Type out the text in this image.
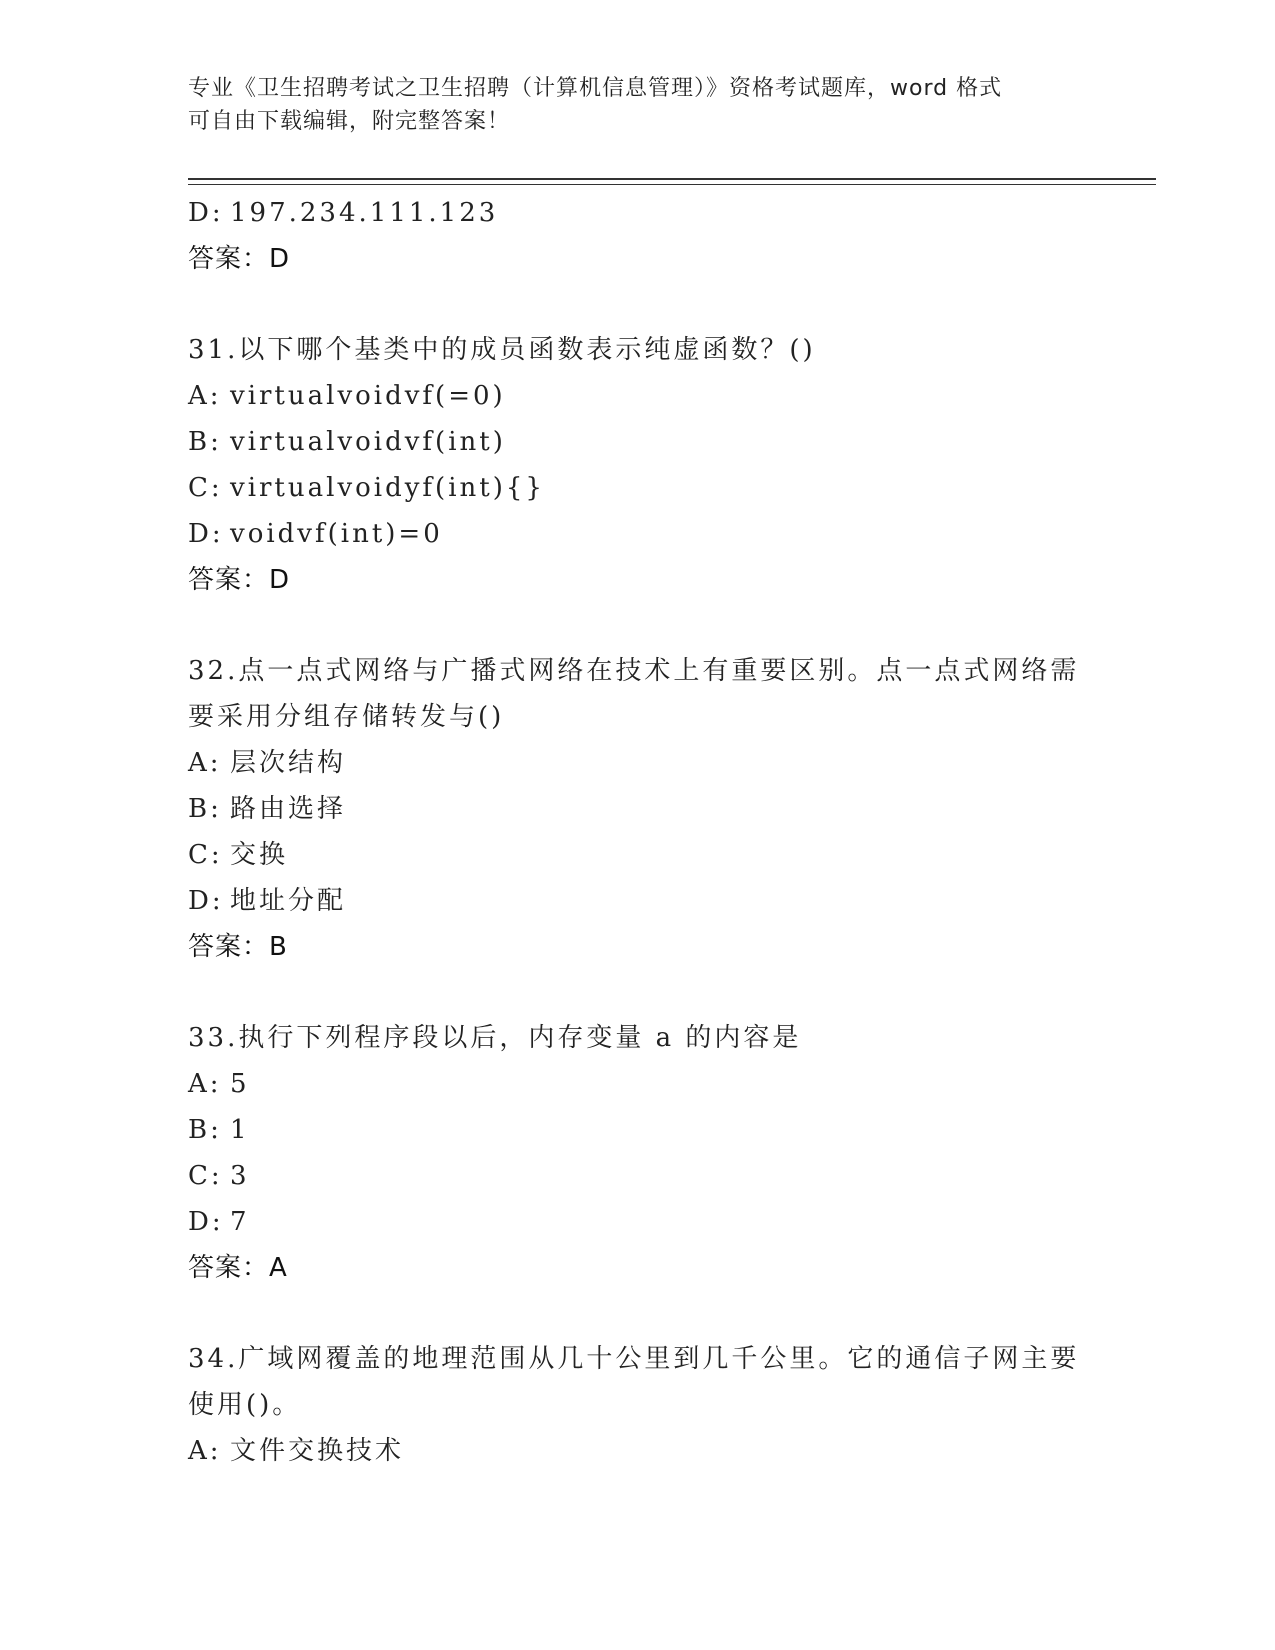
专业《卫生招聘考试之卫生招聘（计算机信息管理）》资格考试题库，word 格式
可自由下载编辑，附完整答案！
D: 197.234.111.123
答案：D
31.以下哪个基类中的成员函数表示纯虚函数？()
A: virtualvoidvf(=0)
B: virtualvoidvf(int)
C: virtualvoidyf(int){}
D: voidvf(int)=0
答案：D
32.点一点式网络与广播式网络在技术上有重要区别。点一点式网络需
要采用分组存储转发与()
A: 层次结构
B: 路由选择
C: 交换
D: 地址分配
答案：B
33.执行下列程序段以后，内存变量 a 的内容是
A: 5
B: 1
C: 3
D: 7
答案：A
34.广域网覆盖的地理范围从几十公里到几千公里。它的通信子网主要
使用()。
A: 文件交换技术
